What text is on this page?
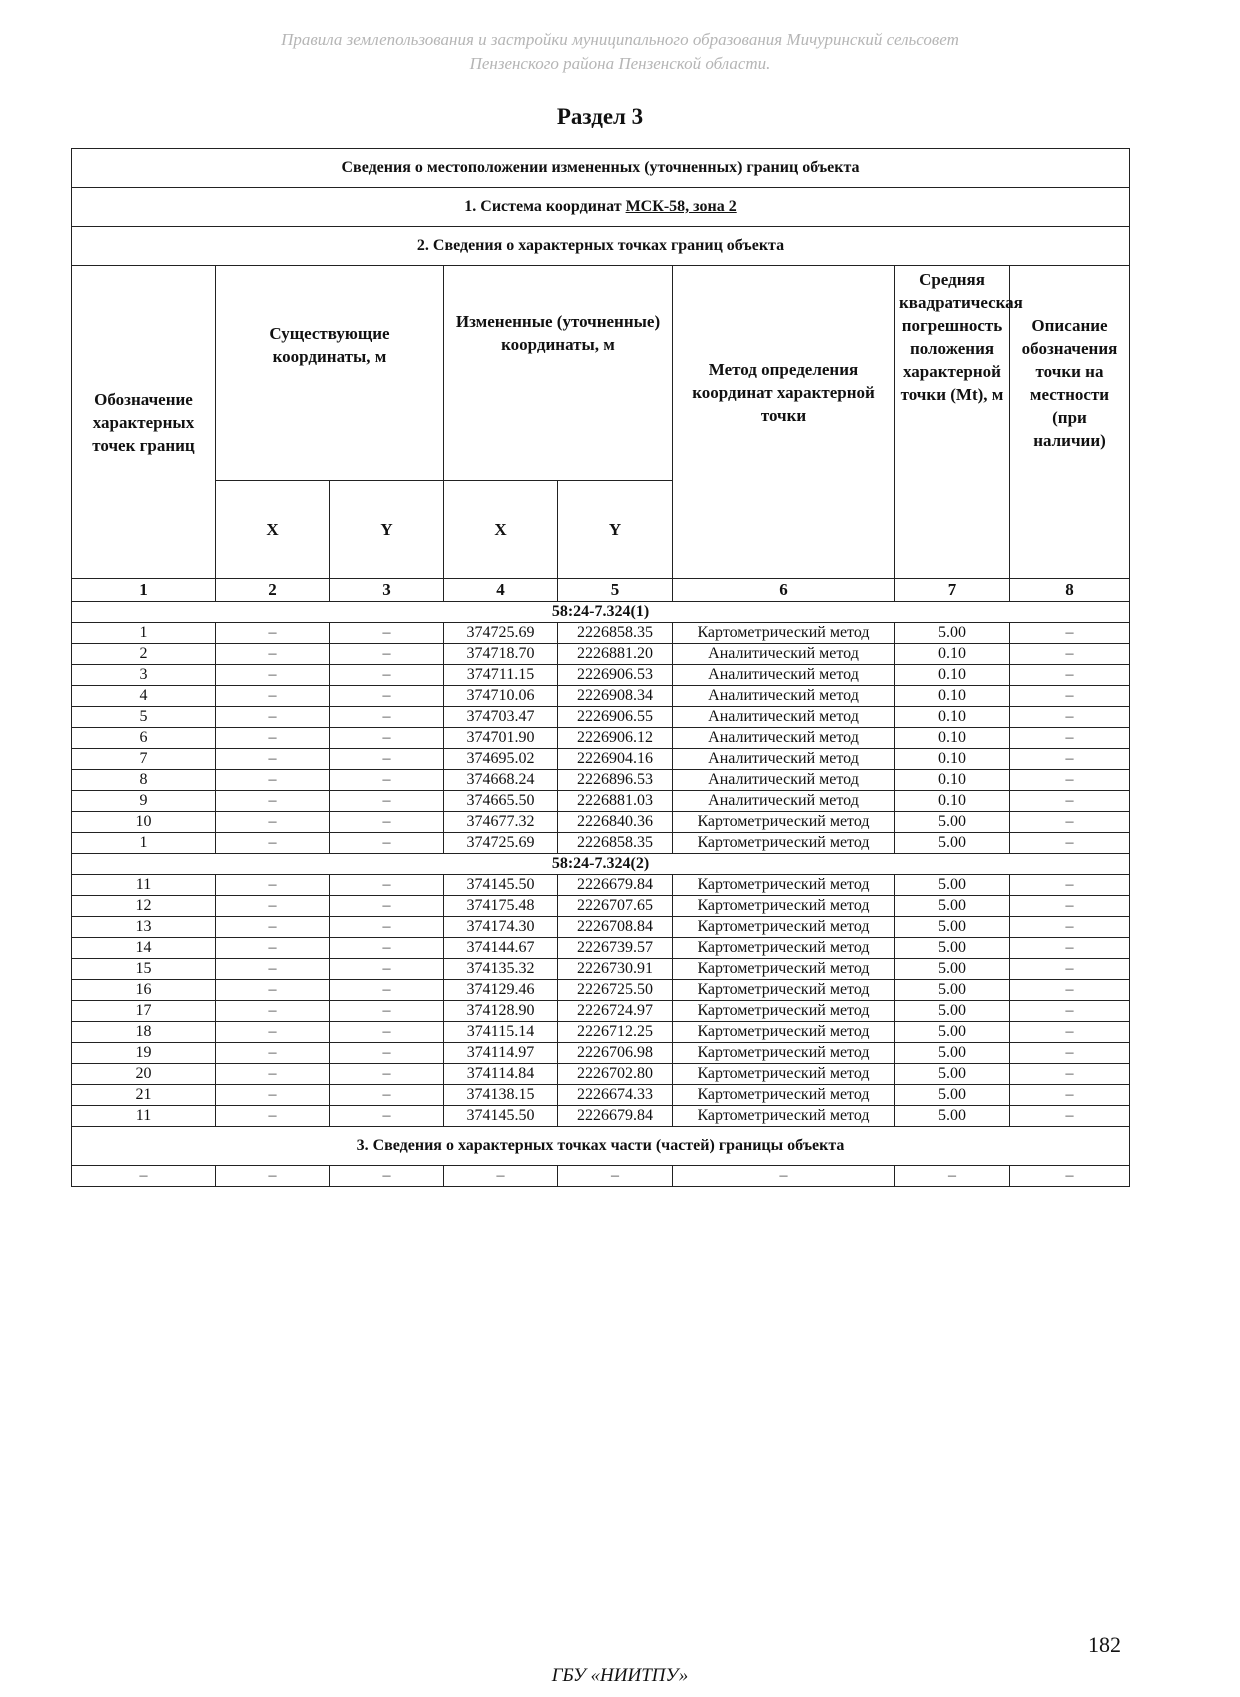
Правила землепользования и застройки муниципального образования Мичуринский сельсовет
Пензенского района Пензенской области.
Раздел 3
Сведения о местоположении измененных (уточненных) границ объекта							
1. Система координат МСК-58, зона 2							
2. Сведения о характерных точках границ объекта							
Обозначение характерных точек границ	Существующие координаты, м		Измененные (уточненные) координаты, м		Метод определения координат характерной точки	Средняя квадратическая погрешность положения характерной точки (Mt), м	Описание обозначения точки на местности (при наличии)
	X	Y	X	Y			
1	2	3	4	5	6	7	8
58:24-7.324(1)							
1	–	–	374725.69	2226858.35	Картометрический метод	5.00	–
2	–	–	374718.70	2226881.20	Аналитический метод	0.10	–
3	–	–	374711.15	2226906.53	Аналитический метод	0.10	–
4	–	–	374710.06	2226908.34	Аналитический метод	0.10	–
5	–	–	374703.47	2226906.55	Аналитический метод	0.10	–
6	–	–	374701.90	2226906.12	Аналитический метод	0.10	–
7	–	–	374695.02	2226904.16	Аналитический метод	0.10	–
8	–	–	374668.24	2226896.53	Аналитический метод	0.10	–
9	–	–	374665.50	2226881.03	Аналитический метод	0.10	–
10	–	–	374677.32	2226840.36	Картометрический метод	5.00	–
1	–	–	374725.69	2226858.35	Картометрический метод	5.00	–
58:24-7.324(2)							
11	–	–	374145.50	2226679.84	Картометрический метод	5.00	–
12	–	–	374175.48	2226707.65	Картометрический метод	5.00	–
13	–	–	374174.30	2226708.84	Картометрический метод	5.00	–
14	–	–	374144.67	2226739.57	Картометрический метод	5.00	–
15	–	–	374135.32	2226730.91	Картометрический метод	5.00	–
16	–	–	374129.46	2226725.50	Картометрический метод	5.00	–
17	–	–	374128.90	2226724.97	Картометрический метод	5.00	–
18	–	–	374115.14	2226712.25	Картометрический метод	5.00	–
19	–	–	374114.97	2226706.98	Картометрический метод	5.00	–
20	–	–	374114.84	2226702.80	Картометрический метод	5.00	–
21	–	–	374138.15	2226674.33	Картометрический метод	5.00	–
11	–	–	374145.50	2226679.84	Картометрический метод	5.00	–
3. Сведения о характерных точках части (частей) границы объекта							
–	–	–	–	–	–	–	–
182
ГБУ «НИИТПУ»
